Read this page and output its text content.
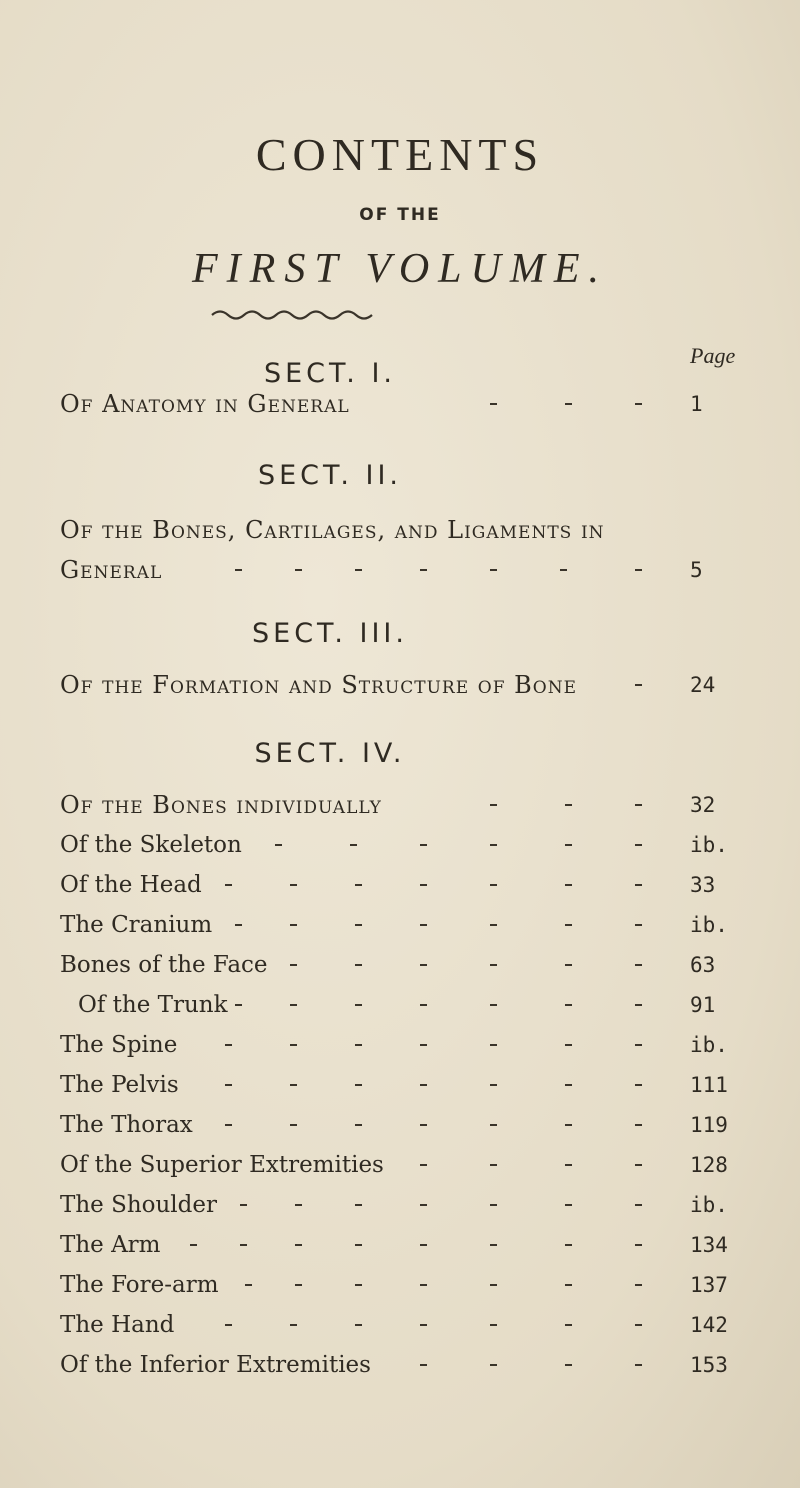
CONTENTS
OF THE
FIRST VOLUME.
SECT. I.
Page
Of Anatomy in General	1
SECT. II.
Of the Bones, Cartilages, and Ligaments in
General	5
SECT. III.
Of the Formation and Structure of Bone	24
SECT. IV.
Of the Bones individually	32
Of the Skeleton	ib.
Of the Head	33
The Cranium	ib.
Bones of the Face	63
Of the Trunk	91
The Spine	ib.
The Pelvis	111
The Thorax	119
Of the Superior Extremities	128
The Shoulder	ib.
The Arm	134
The Fore-arm	137
The Hand	142
Of the Inferior Extremities	153
